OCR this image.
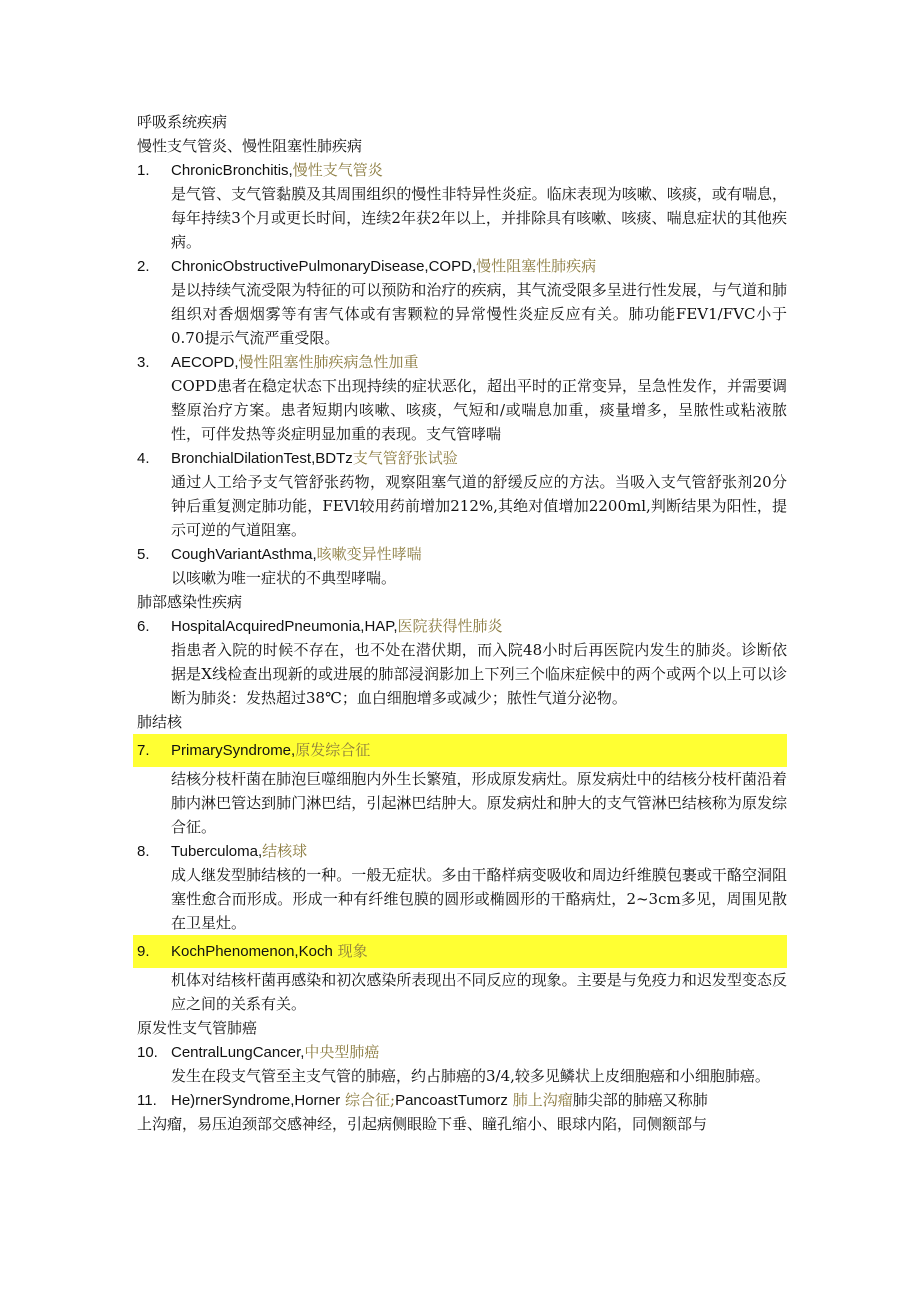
呼吸系统疾病
慢性支气管炎、慢性阻塞性肺疾病
1. ChronicBronchitis,慢性支气管炎
是气管、支气管黏膜及其周围组织的慢性非特异性炎症。临床表现为咳嗽、咳痰，或有喘息，每年持续3个月或更长时间，连续2年获2年以上，并排除具有咳嗽、咳痰、喘息症状的其他疾病。
2. ChronicObstructivePulmonaryDisease,COPD,慢性阻塞性肺疾病
是以持续气流受限为特征的可以预防和治疗的疾病，其气流受限多呈进行性发展，与气道和肺组织对香烟烟雾等有害气体或有害颗粒的异常慢性炎症反应有关。肺功能FEV1/FVC小于0.70提示气流严重受限。
3. AECOPD,慢性阻塞性肺疾病急性加重
COPD患者在稳定状态下出现持续的症状恶化，超出平时的正常变异，呈急性发作，并需要调整原治疗方案。患者短期内咳嗽、咳痰，气短和/或喘息加重，痰量增多，呈脓性或粘液脓性，可伴发热等炎症明显加重的表现。支气管哮喘
4. BronchialDilationTest,BDTz支气管舒张试验
通过人工给予支气管舒张药物，观察阻塞气道的舒缓反应的方法。当吸入支气管舒张剂20分钟后重复测定肺功能，FEVl较用药前增加212%,其绝对值增加2200ml,判断结果为阳性，提示可逆的气道阻塞。
5. CoughVariantAsthma,咳嗽变异性哮喘
以咳嗽为唯一症状的不典型哮喘。
肺部感染性疾病
6. HospitalAcquiredPneumonia,HAP,医院获得性肺炎
指患者入院的时候不存在，也不处在潜伏期，而入院48小时后再医院内发生的肺炎。诊断依据是X线检查出现新的或进展的肺部浸润影加上下列三个临床症候中的两个或两个以上可以诊断为肺炎：发热超过38℃；血白细胞增多或减少；脓性气道分泌物。
肺结核
7. PrimarySyndrome,原发综合征
结核分枝杆菌在肺泡巨噬细胞内外生长繁殖，形成原发病灶。原发病灶中的结核分枝杆菌沿着肺内淋巴管达到肺门淋巴结，引起淋巴结肿大。原发病灶和肿大的支气管淋巴结核称为原发综合征。
8. Tuberculoma,结核球
成人继发型肺结核的一种。一般无症状。多由干酪样病变吸收和周边纤维膜包裹或干酪空洞阻塞性愈合而形成。形成一种有纤维包膜的圆形或椭圆形的干酪病灶，2~3cm多见，周围见散在卫星灶。
9. KochPhenomenon,Koch 现象
机体对结核杆菌再感染和初次感染所表现出不同反应的现象。主要是与免疫力和迟发型变态反应之间的关系有关。
原发性支气管肺癌
10. CentralLungCancer,中央型肺癌
发生在段支气管至主支气管的肺癌，约占肺癌的3/4,较多见鳞状上皮细胞癌和小细胞肺癌。
11. He)rnerSyndrome,Horner 综合征;PancoastTumorz 肺上沟瘤肺尖部的肺癌又称肺
上沟瘤，易压迫颈部交感神经，引起病侧眼睑下垂、瞳孔缩小、眼球内陷，同侧额部与
